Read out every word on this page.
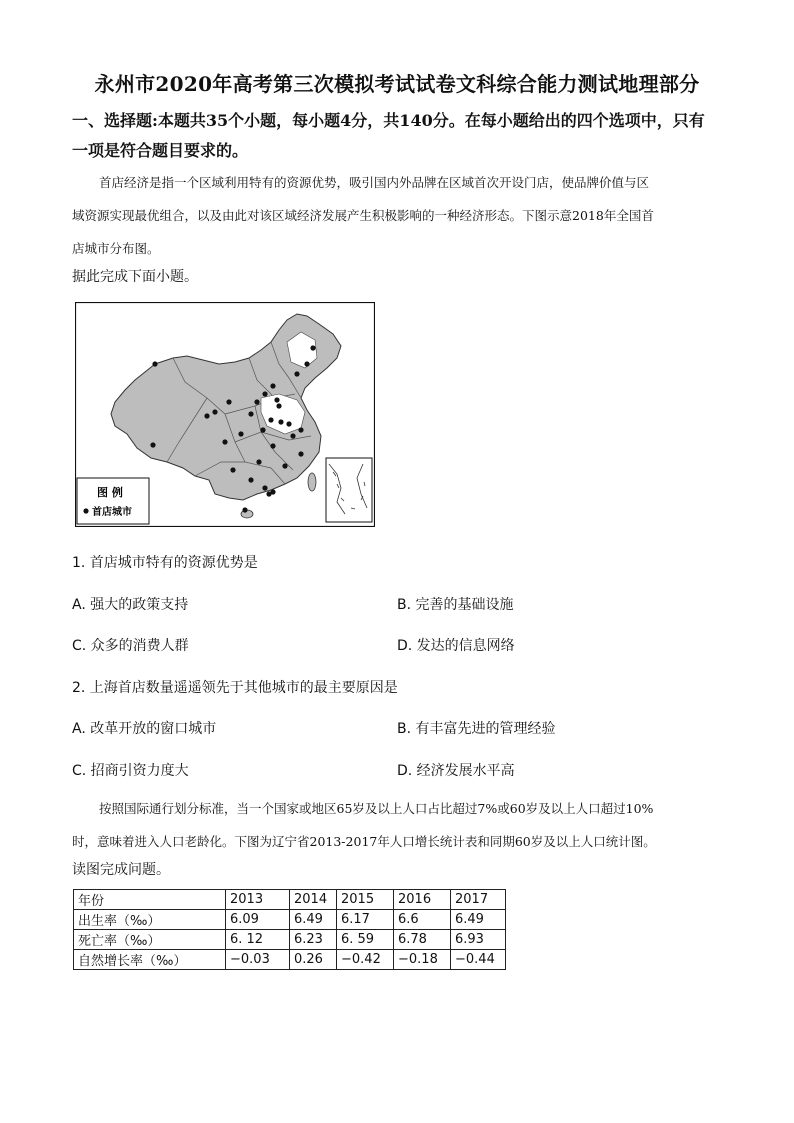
永州市2020年高考第三次模拟考试试卷文科综合能力测试地理部分
一、选择题:本题共35个小题，每小题4分，共140分。在每小题给出的四个选项中，只有
一项是符合题目要求的。
首店经济是指一个区域利用特有的资源优势，吸引国内外品牌在区域首次开设门店，使品牌价值与区
域资源实现最优组合，以及由此对该区域经济发展产生积极影响的一种经济形态。下图示意2018年全国首
店城市分布图。
据此完成下面小题。
图 例
首店城市
1. 首店城市特有的资源优势是
A. 强大的政策支持	B. 完善的基础设施
C. 众多的消费人群	D. 发达的信息网络
2. 上海首店数量遥遥领先于其他城市的最主要原因是
A. 改革开放的窗口城市	B. 有丰富先进的管理经验
C. 招商引资力度大	D. 经济发展水平高
按照国际通行划分标准，当一个国家或地区65岁及以上人口占比超过7%或60岁及以上人口超过10%
时，意味着进入人口老龄化。下图为辽宁省2013-2017年人口增长统计表和同期60岁及以上人口统计图。
读图完成问题。
年份	2013	2014	2015	2016	2017
出生率（‰）	6.09	6.49	6.17	6.6	6.49
死亡率（‰）	6. 12	6.23	6. 59	6.78	6.93
自然增长率（‰）	−0.03	0.26	−0.42	−0.18	−0.44
